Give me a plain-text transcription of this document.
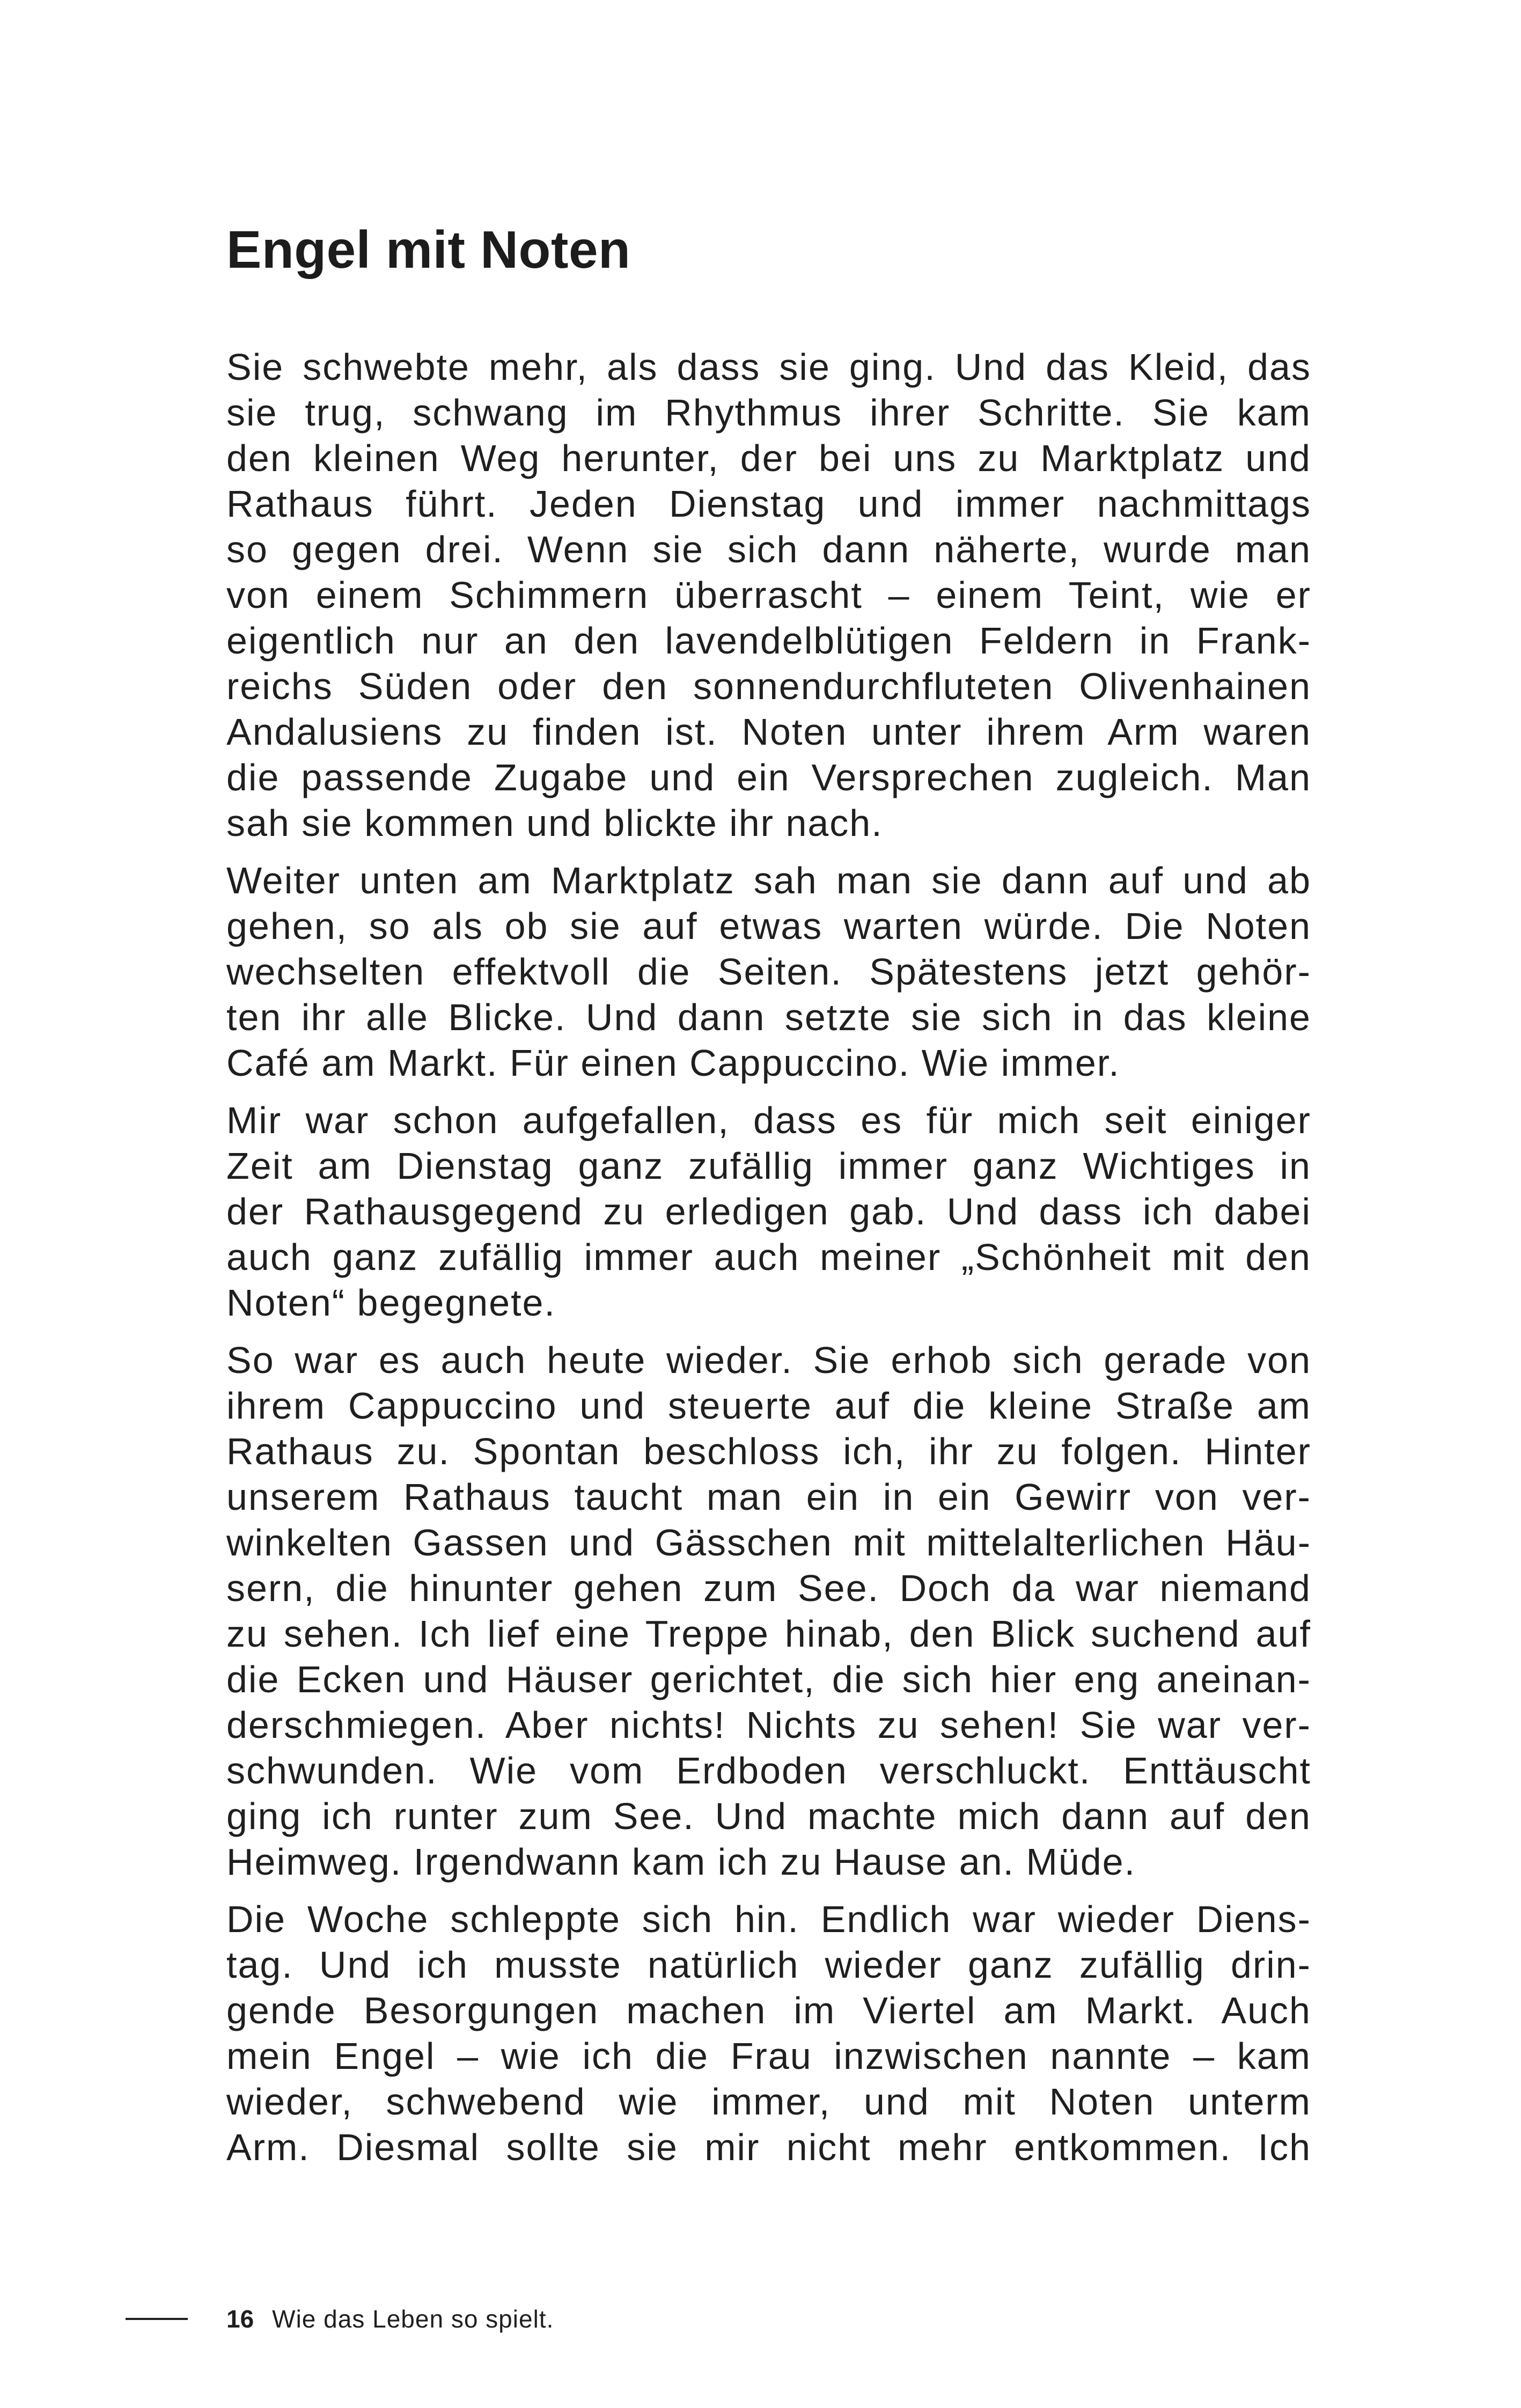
Engel mit Noten

Sie schwebte mehr, als dass sie ging. Und das Kleid, das
sie trug, schwang im Rhythmus ihrer Schritte. Sie kam
den kleinen Weg herunter, der bei uns zu Marktplatz und
Rathaus führt. Jeden Dienstag und immer nachmittags
so gegen drei. Wenn sie sich dann näherte, wurde man
von einem Schimmern überrascht – einem Teint, wie er
eigentlich nur an den lavendelblütigen Feldern in Frank-
reichs Süden oder den sonnendurchfluteten Olivenhainen
Andalusiens zu finden ist. Noten unter ihrem Arm waren
die passende Zugabe und ein Versprechen zugleich. Man
sah sie kommen und blickte ihr nach.

Weiter unten am Marktplatz sah man sie dann auf und ab
gehen, so als ob sie auf etwas warten würde. Die Noten
wechselten effektvoll die Seiten. Spätestens jetzt gehör-
ten ihr alle Blicke. Und dann setzte sie sich in das kleine
Café am Markt. Für einen Cappuccino. Wie immer.

Mir war schon aufgefallen, dass es für mich seit einiger
Zeit am Dienstag ganz zufällig immer ganz Wichtiges in
der Rathausgegend zu erledigen gab. Und dass ich dabei
auch ganz zufällig immer auch meiner „Schönheit mit den
Noten“ begegnete.

So war es auch heute wieder. Sie erhob sich gerade von
ihrem Cappuccino und steuerte auf die kleine Straße am
Rathaus zu. Spontan beschloss ich, ihr zu folgen. Hinter
unserem Rathaus taucht man ein in ein Gewirr von ver-
winkelten Gassen und Gässchen mit mittelalterlichen Häu-
sern, die hinunter gehen zum See. Doch da war niemand
zu sehen. Ich lief eine Treppe hinab, den Blick suchend auf
die Ecken und Häuser gerichtet, die sich hier eng aneinan-
derschmiegen. Aber nichts! Nichts zu sehen! Sie war ver-
schwunden. Wie vom Erdboden verschluckt. Enttäuscht
ging ich runter zum See. Und machte mich dann auf den
Heimweg. Irgendwann kam ich zu Hause an. Müde.

Die Woche schleppte sich hin. Endlich war wieder Diens-
tag. Und ich musste natürlich wieder ganz zufällig drin-
gende Besorgungen machen im Viertel am Markt. Auch
mein Engel – wie ich die Frau inzwischen nannte – kam
wieder, schwebend wie immer, und mit Noten unterm
Arm. Diesmal sollte sie mir nicht mehr entkommen. Ich

16 Wie das Leben so spielt.
